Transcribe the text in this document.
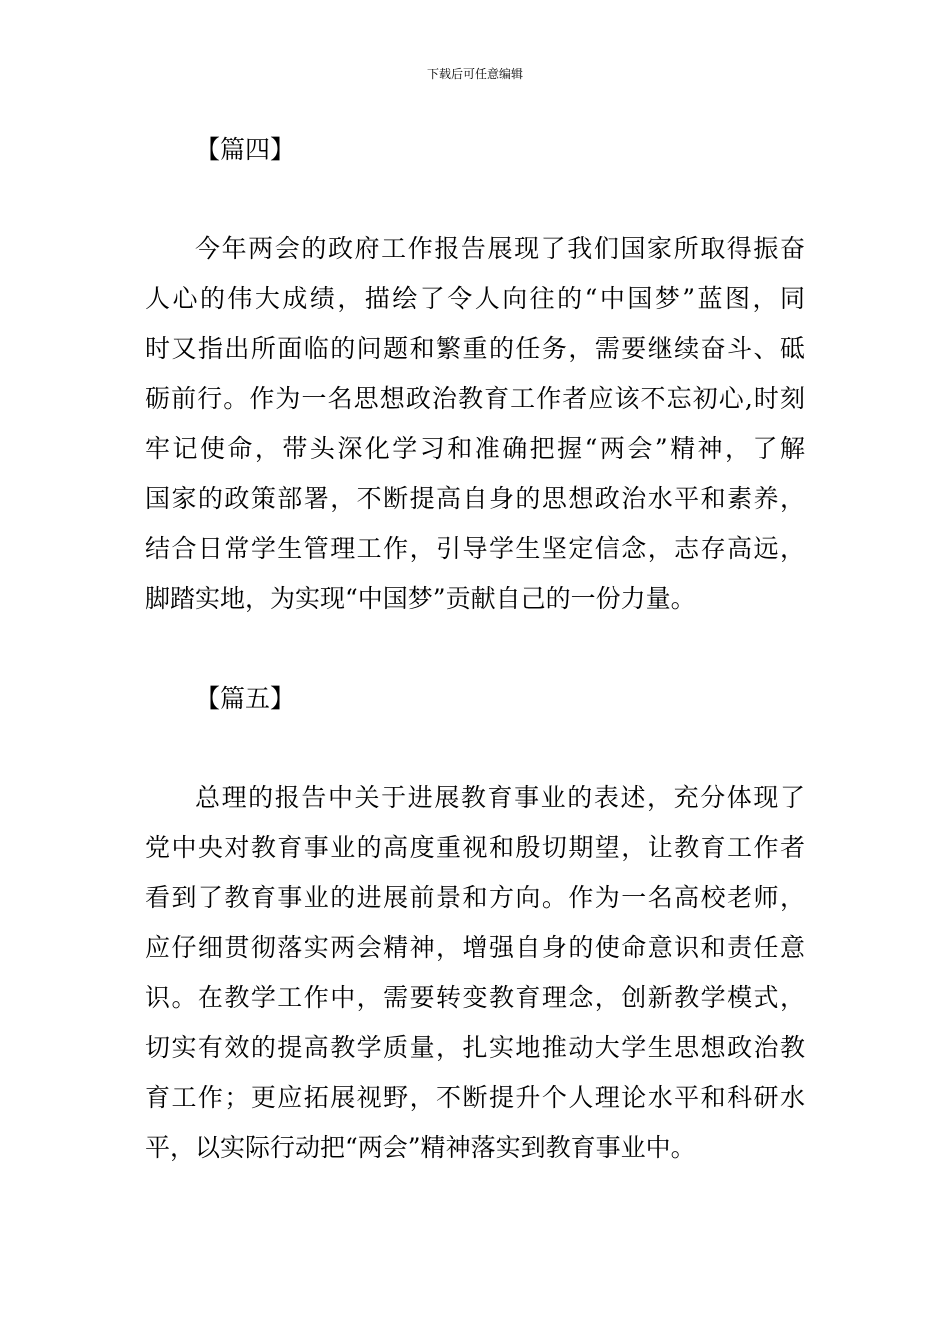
下载后可任意编辑
【篇四】
今年两会的政府工作报告展现了我们国家所取得振奋
人心的伟大成绩，描绘了令人向往的“中国梦”蓝图，同
时又指出所面临的问题和繁重的任务，需要继续奋斗、砥
砺前行。作为一名思想政治教育工作者应该不忘初心,时刻
牢记使命，带头深化学习和准确把握“两会”精神，了解
国家的政策部署，不断提高自身的思想政治水平和素养，
结合日常学生管理工作，引导学生坚定信念，志存高远，
脚踏实地，为实现“中国梦”贡献自己的一份力量。
【篇五】
总理的报告中关于进展教育事业的表述，充分体现了
党中央对教育事业的高度重视和殷切期望，让教育工作者
看到了教育事业的进展前景和方向。作为一名高校老师，
应仔细贯彻落实两会精神，增强自身的使命意识和责任意
识。在教学工作中，需要转变教育理念，创新教学模式，
切实有效的提高教学质量，扎实地推动大学生思想政治教
育工作；更应拓展视野，不断提升个人理论水平和科研水
平，以实际行动把“两会”精神落实到教育事业中。
